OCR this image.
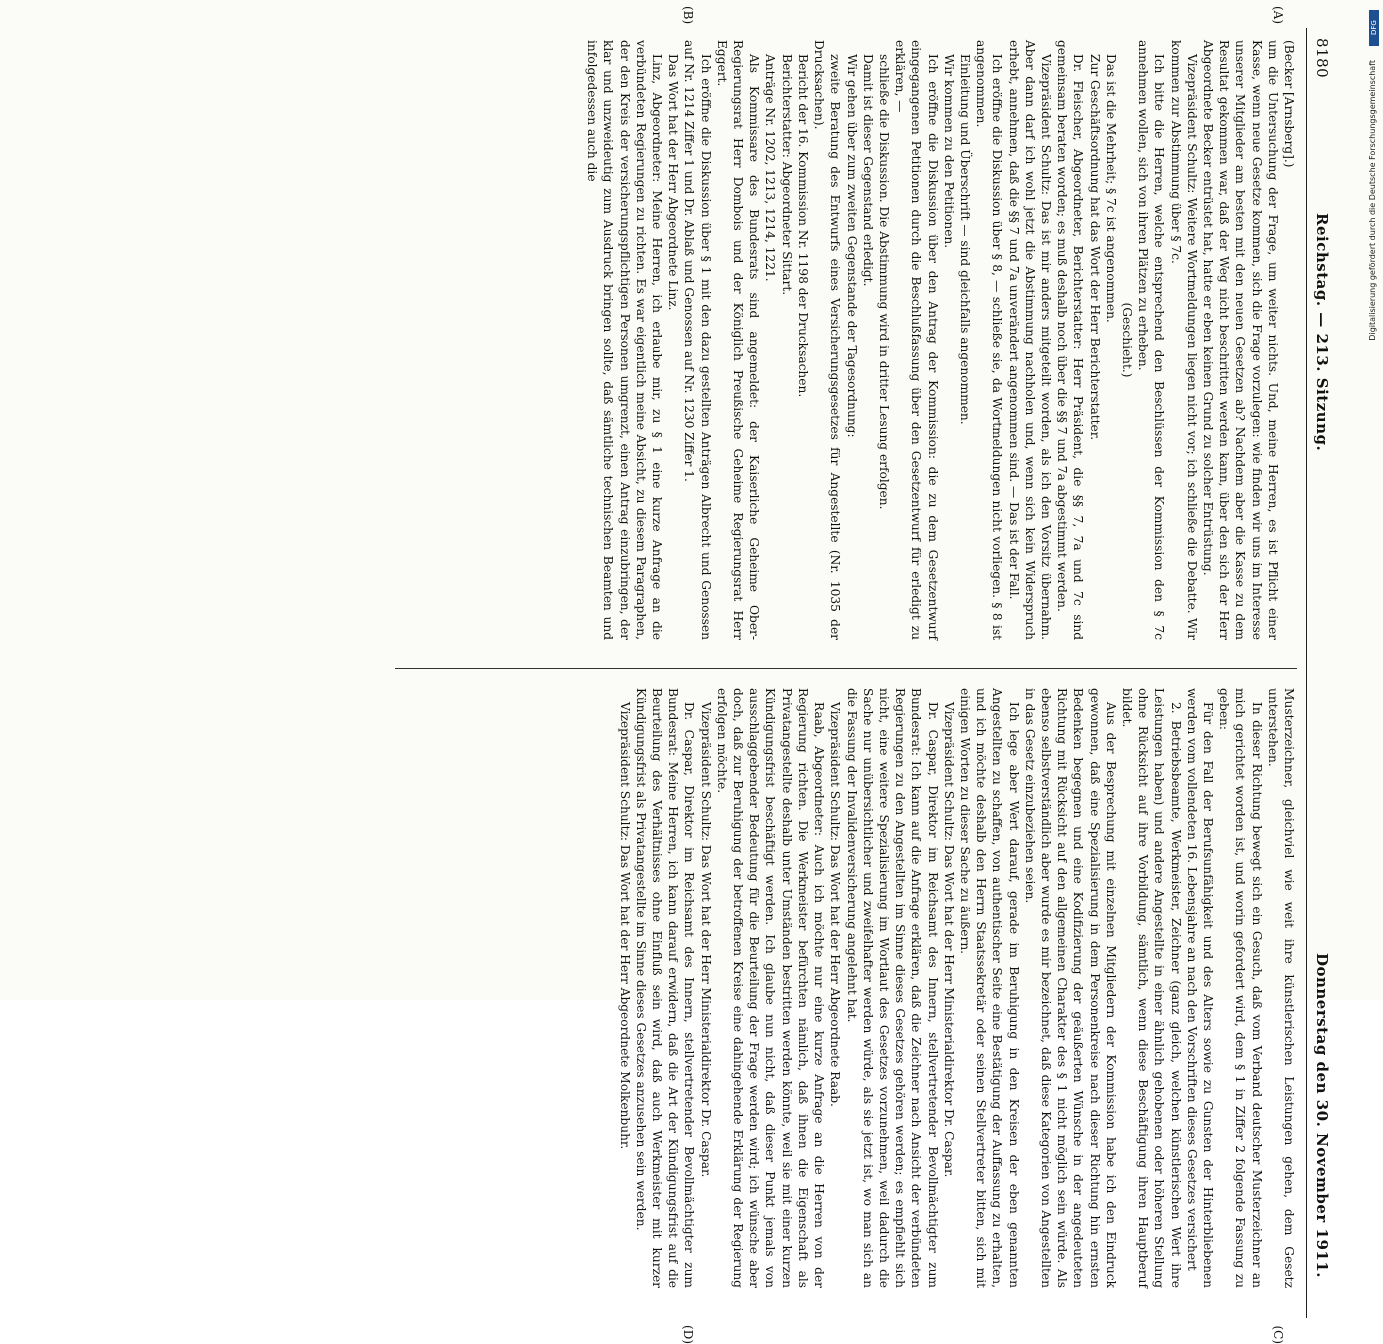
8180
Reichstag. — 213. Sitzung.
Donnerstag den 30. November 1911.
(A)
(B)
(C)
(D)

(Becker [Arnsberg].)

um die Untersuchung der Frage, um weiter nichts. Und, meine Herren, es ist Pflicht einer Kasse, wenn neue Gesetze kommen, sich die Frage vorzulegen: wie finden wir uns im Interesse unserer Mitglieder am besten mit den neuen Gesetzen ab? Nachdem aber die Kasse zu dem Resultat gekommen war, daß der Weg nicht beschritten werden kann, über den sich der Herr Abgeordnete Becker entrüstet hat, hatte er eben keinen Grund zu solcher Entrüstung.

Vizepräsident Schultz: Weitere Wortmeldungen liegen nicht vor; ich schließe die Debatte. Wir kommen zur Abstimmung über § 7c.

Ich bitte die Herren, welche entsprechend den Beschlüssen der Kommission den § 7c annehmen wollen, sich von ihren Plätzen zu erheben.

(Geschieht.)

Das ist die Mehrheit; § 7c ist angenommen.

Zur Geschäftsordnung hat das Wort der Herr Berichterstatter.

Dr. Fleischer, Abgeordneter, Berichterstatter: Herr Präsident, die §§ 7, 7a und 7c sind gemeinsam beraten worden; es muß deshalb noch über die §§ 7 und 7a abgestimmt werden.

Vizepräsident Schultz: Das ist mir anders mitgeteilt worden, als ich den Vorsitz übernahm. Aber dann darf ich wohl jetzt die Abstimmung nachholen und, wenn sich kein Widerspruch erhebt, annehmen, daß die §§ 7 und 7a unverändert angenommen sind. — Das ist der Fall.

Ich eröffne die Diskussion über § 8, — schließe sie, da Wortmeldungen nicht vorliegen. § 8 ist angenommen.

Einleitung und Überschrift — sind gleichfalls angenommen.

Wir kommen zu den Petitionen.

Ich eröffne die Diskussion über den Antrag der Kommission: die zu dem Gesetzentwurf eingegangenen Petitionen durch die Beschlußfassung über den Gesetzentwurf für erledigt zu erklären, —

schließe die Diskussion. Die Abstimmung wird in dritter Lesung erfolgen.

Damit ist dieser Gegenstand erledigt.

Wir gehen über zum zweiten Gegenstande der Tagesordnung:

zweite Beratung des Entwurfs eines Versicherungsgesetzes für Angestellte (Nr. 1035 der Drucksachen).

Bericht der 16. Kommission Nr. 1198 der Drucksachen.

Berichterstatter: Abgeordneter Sittart.

Anträge Nr. 1202, 1213, 1214, 1221.

Als Kommissare des Bundesrats sind angemeldet: der Kaiserliche Geheime Ober-Regierungsrat Herr Dombois und der Königlich Preußische Geheime Regierungsrat Herr Eggert.

Ich eröffne die Diskussion über § 1 mit den dazu gestellten Anträgen Albrecht und Genossen auf Nr. 1214 Ziffer 1 und Dr. Ablaß und Genossen auf Nr. 1230 Ziffer 1.

Das Wort hat der Herr Abgeordnete Linz.

Linz, Abgeordneter: Meine Herren, ich erlaube mir, zu § 1 eine kurze Anfrage an die verbündeten Regierungen zu richten. Es war eigentlich meine Absicht, zu diesem Paragraphen, der den Kreis der versicherungspflichtigen Personen umgrenzt, einen Antrag einzubringen, der klar und unzweideutig zum Ausdruck bringen sollte, daß sämtliche technischen Beamten und infolgedessen auch die

Musterzeichner, gleichviel wie weit ihre künstlerischen Leistungen gehen, dem Gesetz unterstehen.

In dieser Richtung bewegt sich ein Gesuch, daß vom Verband deutscher Musterzeichner an mich gerichtet worden ist, und worin gefordert wird, dem § 1 in Ziffer 2 folgende Fassung zu geben:

Für den Fall der Berufsunfähigkeit und des Alters sowie zu Gunsten der Hinterbliebenen werden vom vollendeten 16. Lebensjahre an nach den Vorschriften dieses Gesetzes versichert

2. Betriebsbeamte, Werkmeister, Zeichner (ganz gleich, welchen künstlerischen Wert ihre Leistungen haben) und andere Angestellte in einer ähnlich gehobenen oder höheren Stellung ohne Rücksicht auf ihre Vorbildung, sämtlich, wenn diese Beschäftigung ihren Hauptberuf bildet.

Aus der Besprechung mit einzelnen Mitgliedern der Kommission habe ich den Eindruck gewonnen, daß eine Spezialisierung in dem Personenkreise nach dieser Richtung hin ernsten Bedenken begegnen und eine Kodifizierung der geäußerten Wünsche in der angedeuteten Richtung mit Rücksicht auf den allgemeinen Charakter des § 1 nicht möglich sein würde. Als ebenso selbstverständlich aber wurde es mir bezeichnet, daß diese Kategorien von Angestellten in das Gesetz einzubeziehen seien.

Ich lege aber Wert darauf, gerade im Beruhigung in den Kreisen der eben genannten Angestellten zu schaffen, von authentischer Seite eine Bestätigung der Auffassung zu erhalten, und ich möchte deshalb den Herrn Staatssekretär oder seinen Stellvertreter bitten, sich mit einigen Worten zu dieser Sache zu äußern.

Vizepräsident Schultz: Das Wort hat der Herr Ministerialdirektor Dr. Caspar.

Dr. Caspar, Direktor im Reichsamt des Innern, stellvertretender Bevollmächtigter zum Bundesrat: Ich kann auf die Anfrage erklären, daß die Zeichner nach Ansicht der verbündeten Regierungen zu den Angestellten im Sinne dieses Gesetzes gehören werden; es empfiehlt sich nicht, eine weitere Spezialisierung im Wortlaut des Gesetzes vorzunehmen, weil dadurch die Sache nur unübersichtlicher und zweifelhafter werden würde, als sie jetzt ist, wo man sich an die Fassung der Invalidenversicherung angelehnt hat.

Vizepräsident Schultz: Das Wort hat der Herr Abgeordnete Raab.

Raab, Abgeordneter: Auch ich möchte nur eine kurze Anfrage an die Herren von der Regierung richten. Die Werkmeister befürchten nämlich, daß ihnen die Eigenschaft als Privatangestellte deshalb unter Umständen bestritten werden könnte, weil sie mit einer kurzen Kündigungsfrist beschäftigt werden. Ich glaube nun nicht, daß dieser Punkt jemals von ausschlaggebender Bedeutung für die Beurteilung der Frage werden wird; ich wünsche aber doch, daß zur Beruhigung der betroffenen Kreise eine dahingehende Erklärung der Regierung erfolgen möchte.

Vizepräsident Schultz: Das Wort hat der Herr Ministerialdirektor Dr. Caspar.

Dr. Caspar, Direktor im Reichsamt des Innern, stellvertretender Bevollmächtigter zum Bundesrat: Meine Herren, ich kann darauf erwidern, daß die Art der Kündigungsfrist auf die Beurteilung des Verhältnisses ohne Einfluß sein wird, daß auch Werkmeister mit kurzer Kündigungsfrist als Privatangestellte im Sinne dieses Gesetzes anzusehen sein werden.

Vizepräsident Schultz: Das Wort hat der Herr Abgeordnete Molkenbuhr.

DFG
Digitalisierung gefördert durch die Deutsche Forschungsgemeinschaft
